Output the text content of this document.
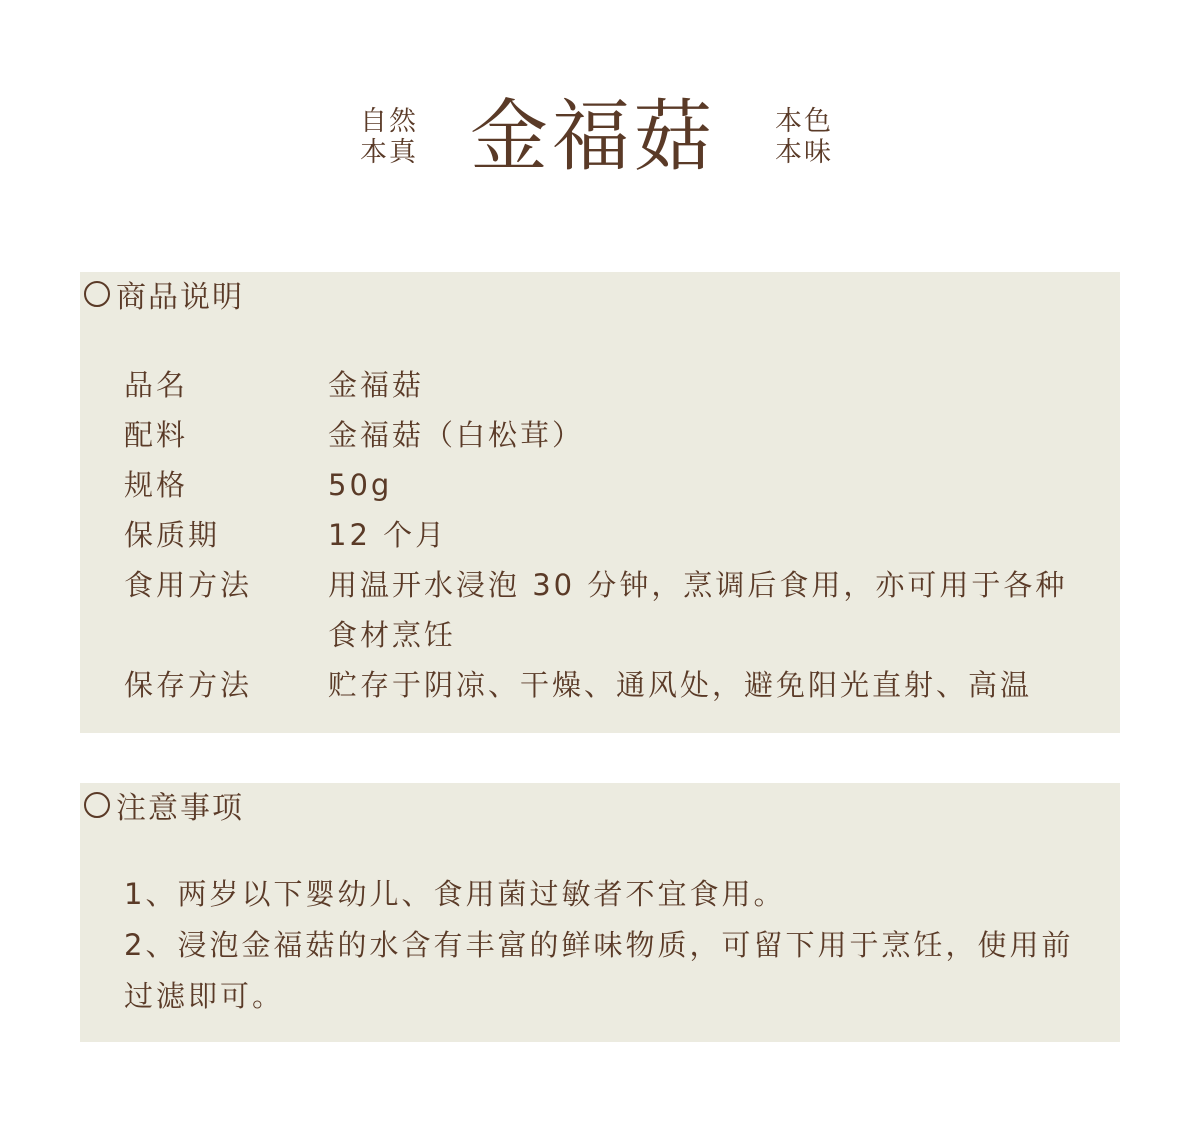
自然
本真 金福菇 本色
本味
商品说明
品名	金福菇
配料	金福菇（白松茸）
规格	50g
保质期	12 个月
食用方法	用温开水浸泡 30 分钟，烹调后食用，亦可用于各种食材烹饪
保存方法	贮存于阴凉、干燥、通风处，避免阳光直射、高温
注意事项
1、两岁以下婴幼儿、食用菌过敏者不宜食用。
2、浸泡金福菇的水含有丰富的鲜味物质，可留下用于烹饪，使用前过滤即可。
